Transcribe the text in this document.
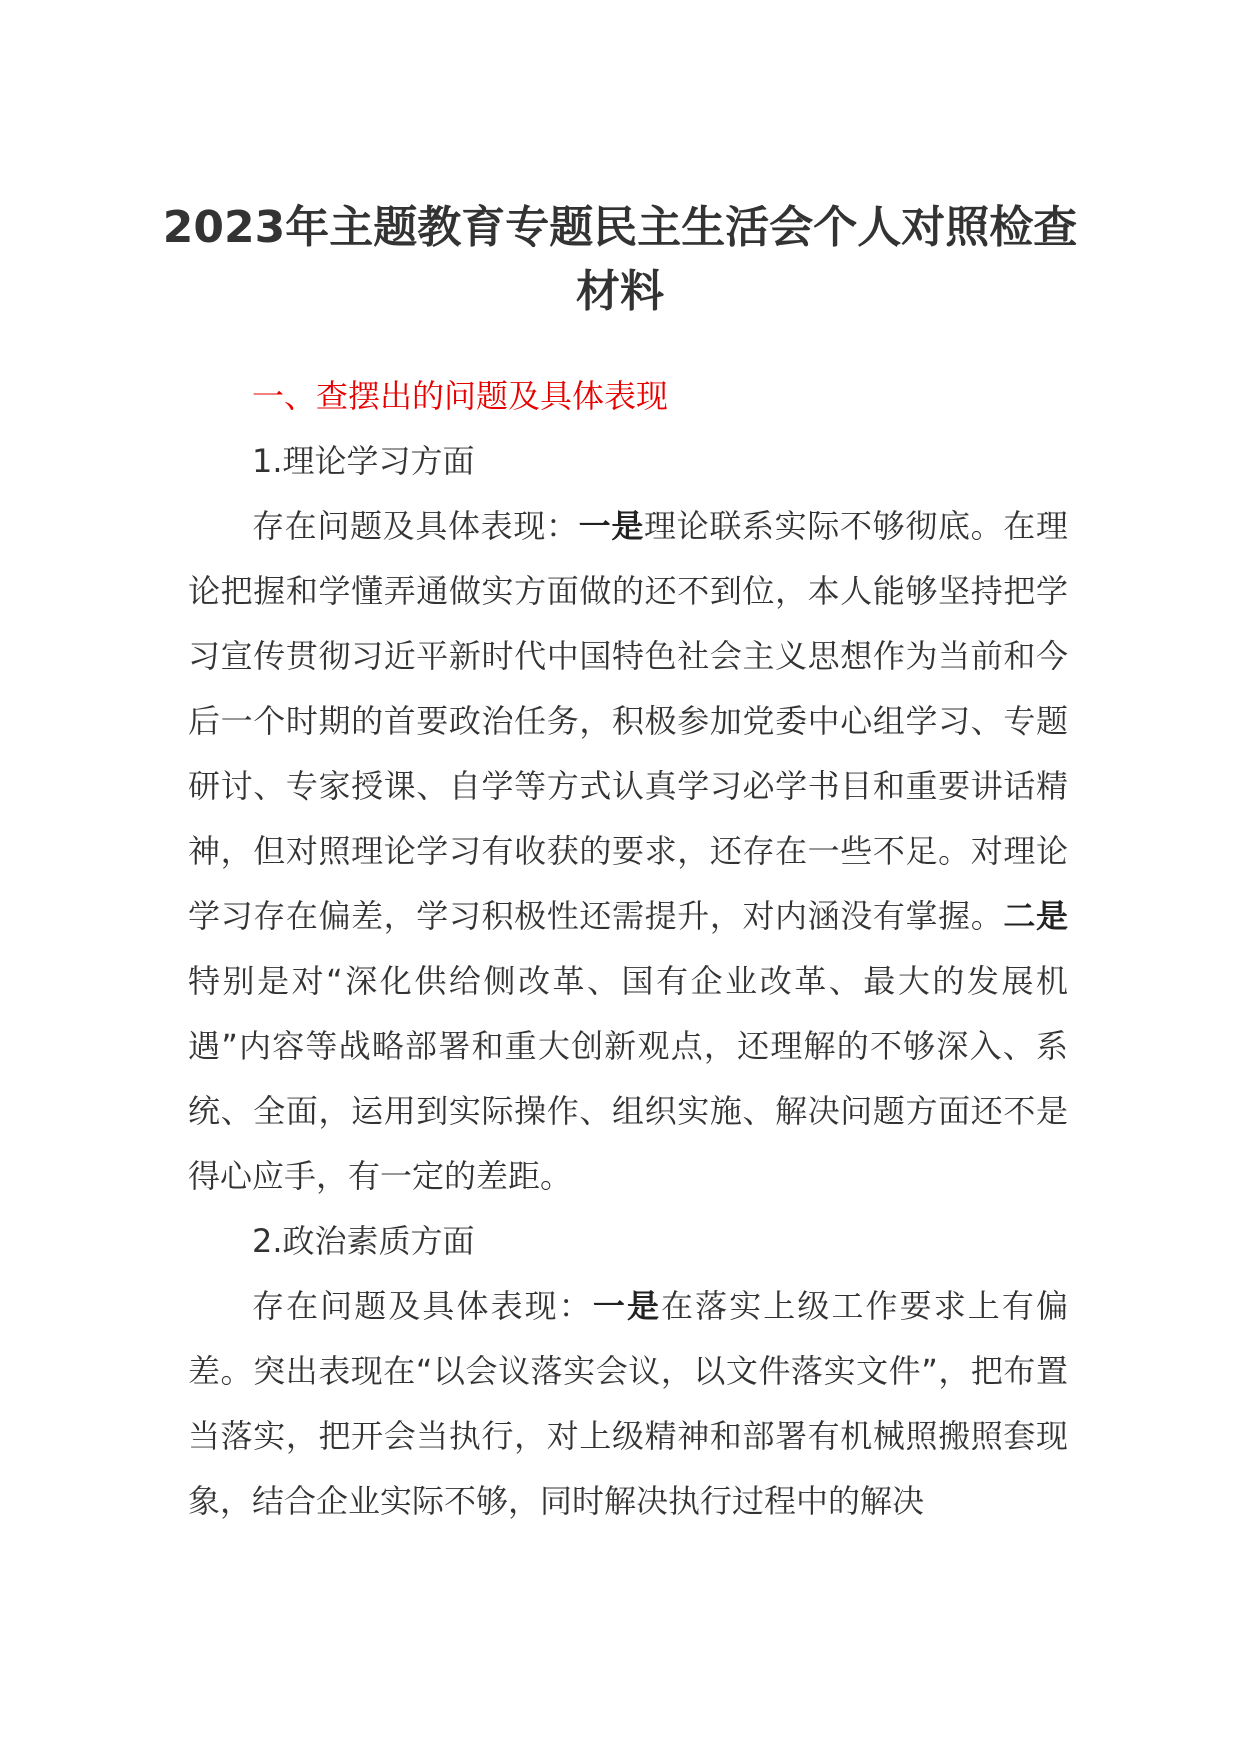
2023年主题教育专题民主生活会个人对照检查材料

一、查摆出的问题及具体表现

1.理论学习方面

存在问题及具体表现：一是理论联系实际不够彻底。在理论把握和学懂弄通做实方面做的还不到位，本人能够坚持把学习宣传贯彻习近平新时代中国特色社会主义思想作为当前和今后一个时期的首要政治任务，积极参加党委中心组学习、专题研讨、专家授课、自学等方式认真学习必学书目和重要讲话精神，但对照理论学习有收获的要求，还存在一些不足。对理论学习存在偏差，学习积极性还需提升，对内涵没有掌握。二是特别是对“深化供给侧改革、国有企业改革、最大的发展机遇”内容等战略部署和重大创新观点，还理解的不够深入、系统、全面，运用到实际操作、组织实施、解决问题方面还不是得心应手，有一定的差距。

2.政治素质方面

存在问题及具体表现：一是在落实上级工作要求上有偏差。突出表现在“以会议落实会议，以文件落实文件”，把布置当落实，把开会当执行，对上级精神和部署有机械照搬照套现象，结合企业实际不够，同时解决执行过程中的解决
